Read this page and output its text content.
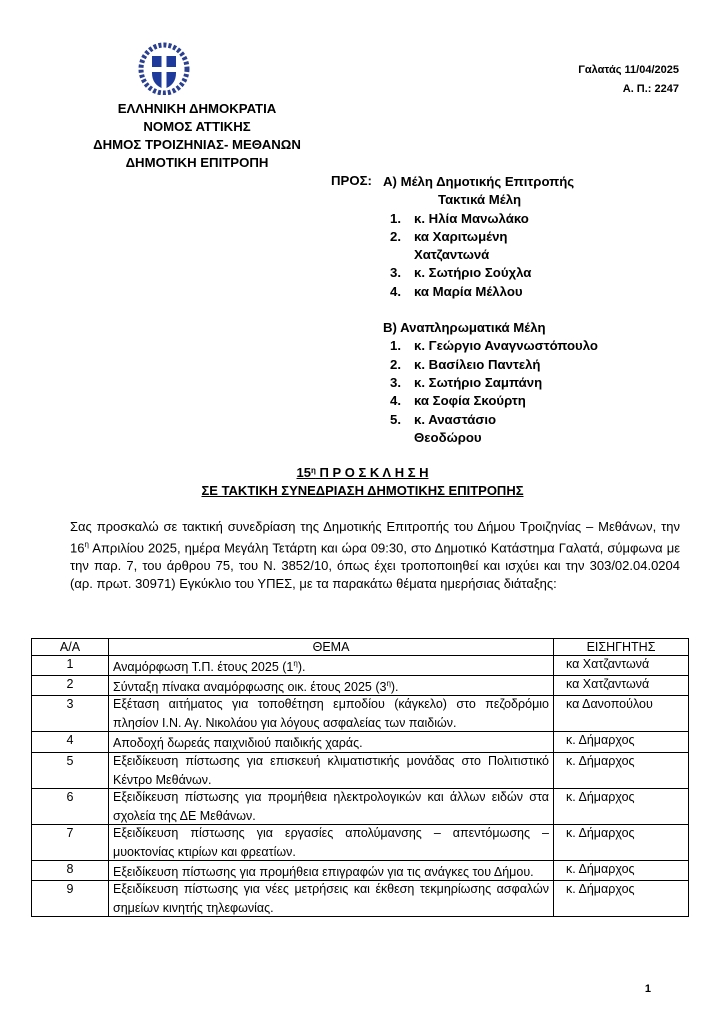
Γαλατάς 11/04/2025
Α. Π.: 2247
ΕΛΛΗΝΙΚΗ ΔΗΜΟΚΡΑΤΙΑ
ΝΟΜΟΣ ΑΤΤΙΚΗΣ
ΔΗΜΟΣ ΤΡΟΙΖΗΝΙΑΣ- ΜΕΘΑΝΩΝ
ΔΗΜΟΤΙΚΗ ΕΠΙΤΡΟΠΗ
ΠΡΟΣ: Α) Μέλη Δημοτικής Επιτροπής
Τακτικά Μέλη
1. κ. Ηλία Μανωλάκο
2. κα Χαριτωμένη Χατζαντωνά
3. κ. Σωτήριο Σούχλα
4. κα Μαρία Μέλλου
Β) Αναπληρωματικά Μέλη
1. κ. Γεώργιο Αναγνωστόπουλο
2. κ. Βασίλειο Παντελή
3. κ. Σωτήριο Σαμπάνη
4. κα Σοφία Σκούρτη
5. κ. Αναστάσιο Θεοδώρου
$15^\eta$ Π Ρ Ο Σ Κ Λ Η Σ Η
ΣΕ ΤΑΚΤΙΚΗ ΣΥΝΕΔΡΙΑΣΗ ΔΗΜΟΤΙΚΗΣ ΕΠΙΤΡΟΠΗΣ
Σας προσκαλώ σε τακτική συνεδρίαση της Δημοτικής Επιτροπής του Δήμου Τροιζηνίας – Μεθάνων, την $16^\eta$ Απριλίου 2025, ημέρα Μεγάλη Τετάρτη και ώρα 09:30, στο Δημοτικό Κατάστημα Γαλατά, σύμφωνα με την παρ. 7, του άρθρου 75, του Ν. 3852/10, όπως έχει τροποποιηθεί και ισχύει και την 303/02.04.0204 (αρ. πρωτ. 30971) Εγκύκλιο του ΥΠΕΣ, με τα παρακάτω θέματα ημερήσιας διάταξης:
Α/Α	ΘΕΜΑ	ΕΙΣΗΓΗΤΗΣ
1	Αναμόρφωση Τ.Π. έτους 2025 $(1^\eta)$.	κα Χατζαντωνά
2	Σύνταξη πίνακα αναμόρφωσης οικ. έτους 2025 $(3^\eta)$.	κα Χατζαντωνά
3	Εξέταση αιτήματος για τοποθέτηση εμποδίου (κάγκελο) στο πεζοδρόμιο πλησίον Ι.Ν. Αγ. Νικολάου για λόγους ασφαλείας των παιδιών.	κα Δανοπούλου
4	Αποδοχή δωρεάς παιχνιδιού παιδικής χαράς.	κ. Δήμαρχος
5	Εξειδίκευση πίστωσης για επισκευή κλιματιστικής μονάδας στο Πολιτιστικό Κέντρο Μεθάνων.	κ. Δήμαρχος
6	Εξειδίκευση πίστωσης για προμήθεια ηλεκτρολογικών και άλλων ειδών στα σχολεία της ΔΕ Μεθάνων.	κ. Δήμαρχος
7	Εξειδίκευση πίστωσης για εργασίες απολύμανσης – απεντόμωσης – μυοκτονίας κτιρίων και φρεατίων.	κ. Δήμαρχος
8	Εξειδίκευση πίστωσης για προμήθεια επιγραφών για τις ανάγκες του Δήμου.	κ. Δήμαρχος
9	Εξειδίκευση πίστωσης για νέες μετρήσεις και έκθεση τεκμηρίωσης ασφαλών σημείων κινητής τηλεφωνίας.	κ. Δήμαρχος
1
